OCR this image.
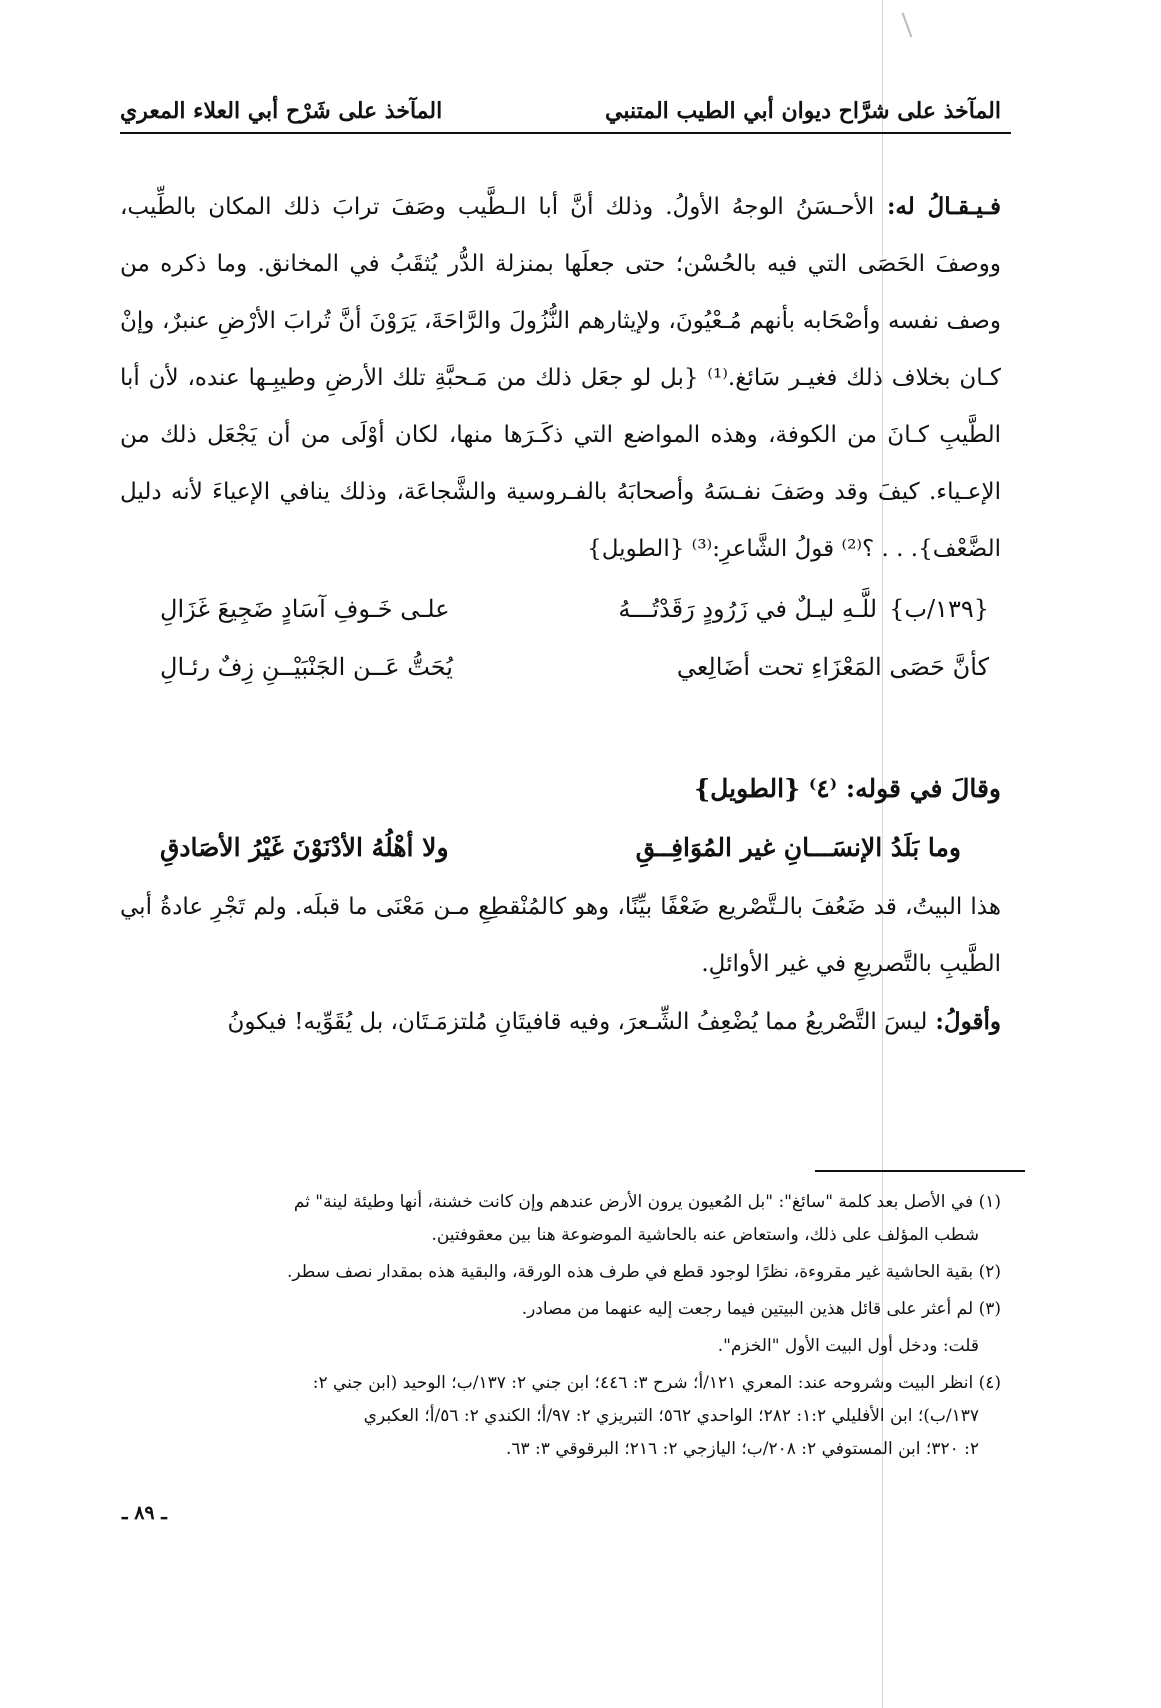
المآخذ على شَرْح أبي العلاء المعري	المآخذ على شرَّاح ديوان أبي الطيب المتنبي

فـيـقـالُ له: الأحـسَنُ الوجهُ الأولُ. وذلك أنَّ أبا الـطَّيب وصَفَ ترابَ ذلك المكان بالطِّيب، ووصفَ الحَصَى التي فيه بالحُسْن؛ حتى جعلَها بمنزلة الدُّر يُثقَبُ في المخانق. وما ذكره من وصف نفسه وأصْحَابه بأنهم مُـعْيُونَ، ولإيثارهم النُّزُولَ والرَّاحَةَ، يَرَوْنَ أنَّ تُرابَ الأرْضِ عنبرٌ، وإنْ كـان بخلاف ذلك فغيـر سَائغ.⁽¹⁾ {بل لو جعَل ذلك من مَـحبَّةِ تلك الأرضِ وطيبِـها عنده، لأن أبا الطَّيبِ كـانَ من الكوفة، وهذه المواضع التي ذكَـرَها منها، لكان أوْلَى من أن يَجْعَل ذلك من الإعـياء. كيفَ وقد وصَفَ نفـسَهُ وأصحابَهُ بالفـروسية والشَّجاعَة، وذلك ينافي الإعياءَ لأنه دليل الضَّعْف}. . . ؟⁽²⁾ قولُ الشَّاعرِ:⁽³⁾ {الطويل}

{١٣٩/ب}للَّـهِ ليـلٌ في زَرُودٍ رَقَدْتُـــهُ
علـى خَـوفِ آسَادٍ ضَجِيعَ غَزَالِ
كأنَّ حَصَى المَعْزَاءِ تحت أضَالِعي
يُحَتُّ عَــن الجَنْبَيْــنِ زِفٌ رئـالِ

وقالَ في قوله: ⁽٤⁾ {الطويل}

وما بَلَدُ الإنسَـــانِ غير المُوَافِــقِ
ولا أهْلُهُ الأدْنَوْنَ غَيْرُ الأصَادقِ

هذا البيتُ، قد ضَعُفَ بالـتَّصْريع ضَعْفًا بيِّنًا، وهو كالمُنْقطِعِ مـن مَعْنَى ما قبلَه. ولم تَجْرِ عادةُ أبي الطَّيبِ بالتَّصريعِ في غير الأوائلِ.

وأقولُ: ليسَ التَّصْريعُ مما يُضْعِفُ الشِّـعرَ، وفيه قافيتَانِ مُلتزمَـتَان، بل يُقَوِّيه! فيكونُ

(١) في الأصل بعد كلمة "سائغ": "بل المُعيون يرون الأرض عندهم وإن كانت خشنة، أنها وطيئة لينة" ثم
شطب المؤلف على ذلك، واستعاض عنه بالحاشية الموضوعة هنا بين معقوفتين.

(٢) بقية الحاشية غير مقروءة، نظرًا لوجود قطع في طرف هذه الورقة، والبقية هذه بمقدار نصف سطر.

(٣) لم أعثر على قائل هذين البيتين فيما رجعت إليه عنهما من مصادر.

قلت: ودخل أول البيت الأول "الخزم".

(٤) انظر البيت وشروحه عند: المعري ١٢١/أ؛ شرح ٣: ٤٤٦؛ ابن جني ٢: ١٣٧/ب؛ الوحيد (ابن جني ٢:
١٣٧/ب)؛ ابن الأفليلي ١:٢: ٢٨٢؛ الواحدي ٥٦٢؛ التبريزي ٢: ٩٧/أ؛ الكندي ٢: ٥٦/أ؛ العكبري
٢: ٣٢٠؛ ابن المستوفي ٢: ٢٠٨/ب؛ اليازجي ٢: ٢١٦؛ البرقوقي ٣: ٦٣.

ـ ٨٩ ـ
